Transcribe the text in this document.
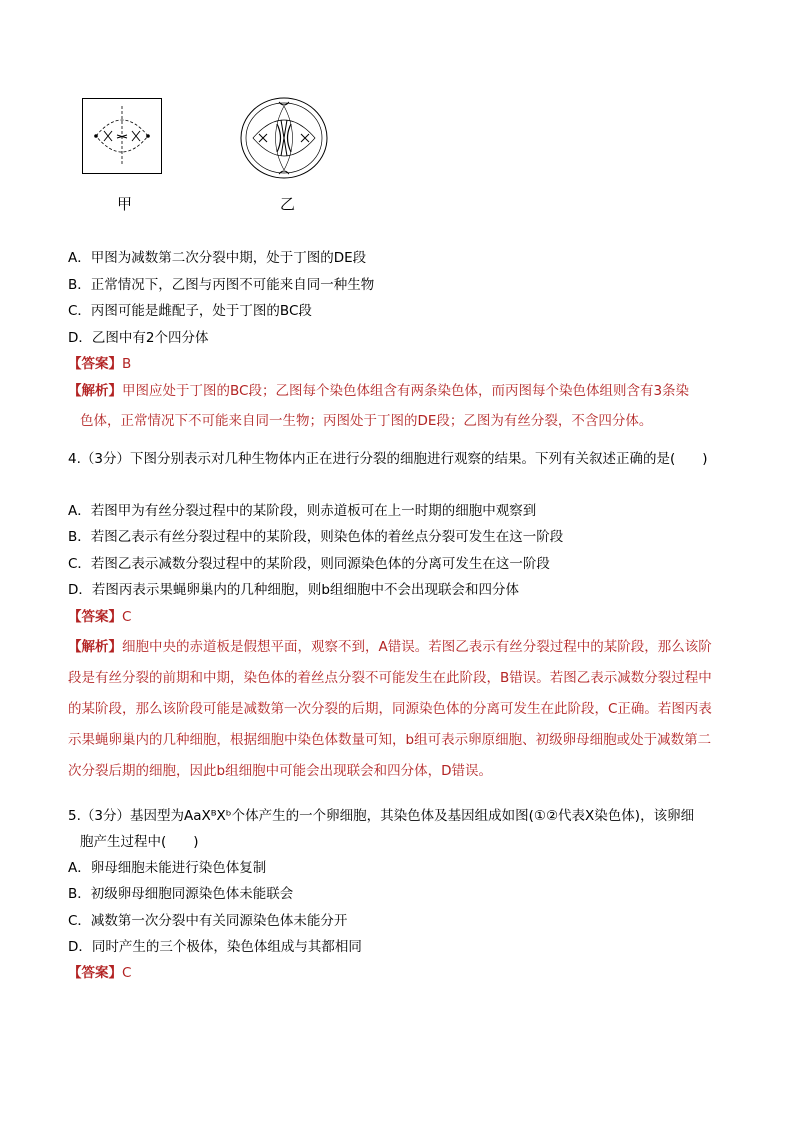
甲	乙
A．甲图为减数第二次分裂中期，处于丁图的DE段
B．正常情况下，乙图与丙图不可能来自同一种生物
C．丙图可能是雌配子，处于丁图的BC段
D．乙图中有2个四分体
【答案】B
【解析】甲图应处于丁图的BC段；乙图每个染色体组含有两条染色体，而丙图每个染色体组则含有3条染
色体，正常情况下不可能来自同一生物；丙图处于丁图的DE段；乙图为有丝分裂，不含四分体。
4.（3分）下图分别表示对几种生物体内正在进行分裂的细胞进行观察的结果。下列有关叙述正确的是(　　)
A．若图甲为有丝分裂过程中的某阶段，则赤道板可在上一时期的细胞中观察到
B．若图乙表示有丝分裂过程中的某阶段，则染色体的着丝点分裂可发生在这一阶段
C．若图乙表示减数分裂过程中的某阶段，则同源染色体的分离可发生在这一阶段
D．若图丙表示果蝇卵巢内的几种细胞，则b组细胞中不会出现联会和四分体
【答案】C
【解析】细胞中央的赤道板是假想平面，观察不到，A错误。若图乙表示有丝分裂过程中的某阶段，那么该阶段是有丝分裂的前期和中期，染色体的着丝点分裂不可能发生在此阶段，B错误。若图乙表示减数分裂过程中的某阶段，那么该阶段可能是减数第一次分裂的后期，同源染色体的分离可发生在此阶段，C正确。若图丙表示果蝇卵巢内的几种细胞，根据细胞中染色体数量可知，b组可表示卵原细胞、初级卵母细胞或处于减数第二次分裂后期的细胞，因此b组细胞中可能会出现联会和四分体，D错误。
5.（3分）基因型为AaXᴮXᵇ个体产生的一个卵细胞，其染色体及基因组成如图(①②代表X染色体)，该卵细
胞产生过程中(　　)
A．卵母细胞未能进行染色体复制
B．初级卵母细胞同源染色体未能联会
C．减数第一次分裂中有关同源染色体未能分开
D．同时产生的三个极体，染色体组成与其都相同
【答案】C
